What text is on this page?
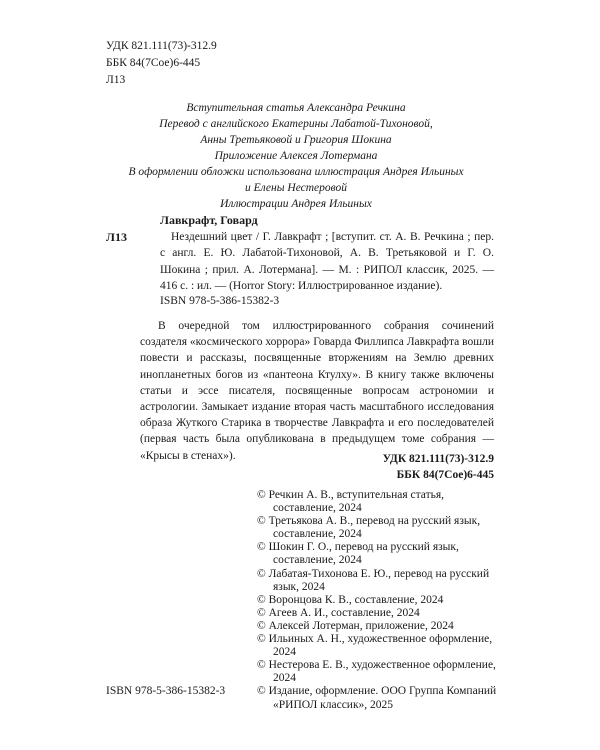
УДК 821.111(73)-312.9
ББК 84(7Сое)6-445
Л13
Вступительная статья Александра Речкина
Перевод с английского Екатерины Лабатой-Тихоновой,
Анны Третьяковой и Григория Шокина
Приложение Алексея Лотермана
В оформлении обложки использована иллюстрация Андрея Ильиных
и Елены Нестеровой
Иллюстрации Андрея Ильиных
Л13
Лавкрафт, Говард
Нездешний цвет / Г. Лавкрафт ; [вступит. ст. А. В. Речкина ; пер. с англ. Е. Ю. Лабатой-Тихоновой, А. В. Третьяковой и Г. О. Шокина ; прил. А. Лотермана]. — М. : РИПОЛ классик, 2025. — 416 с. : ил. — (Horror Story: Иллюстрированное издание).
ISBN 978-5-386-15382-3
В очередной том иллюстрированного собрания сочинений создателя «космического хоррора» Говарда Филлипса Лавкрафта вошли повести и рассказы, посвященные вторжениям на Землю древних инопланетных богов из «пантеона Ктулху». В книгу также включены статьи и эссе писателя, посвященные вопросам астрономии и астрологии. Замыкает издание вторая часть масштабного исследования образа Жуткого Старика в творчестве Лавкрафта и его последователей (первая часть была опубликована в предыдущем томе собрания — «Крысы в стенах»).	УДК 821.111(73)-312.9
ББК 84(7Сое)6-445
© Речкин А. В., вступительная статья, составление, 2024
© Третьякова А. В., перевод на русский язык, составление, 2024
© Шокин Г. О., перевод на русский язык, составление, 2024
© Лабатая-Тихонова Е. Ю., перевод на русский язык, 2024
© Воронцова К. В., составление, 2024
© Агеев А. И., составление, 2024
© Алексей Лотерман, приложение, 2024
© Ильиных А. Н., художественное оформление, 2024
© Нестерова Е. В., художественное оформление, 2024
© Издание, оформление. ООО Группа Компаний «РИПОЛ классик», 2025
ISBN 978-5-386-15382-3
